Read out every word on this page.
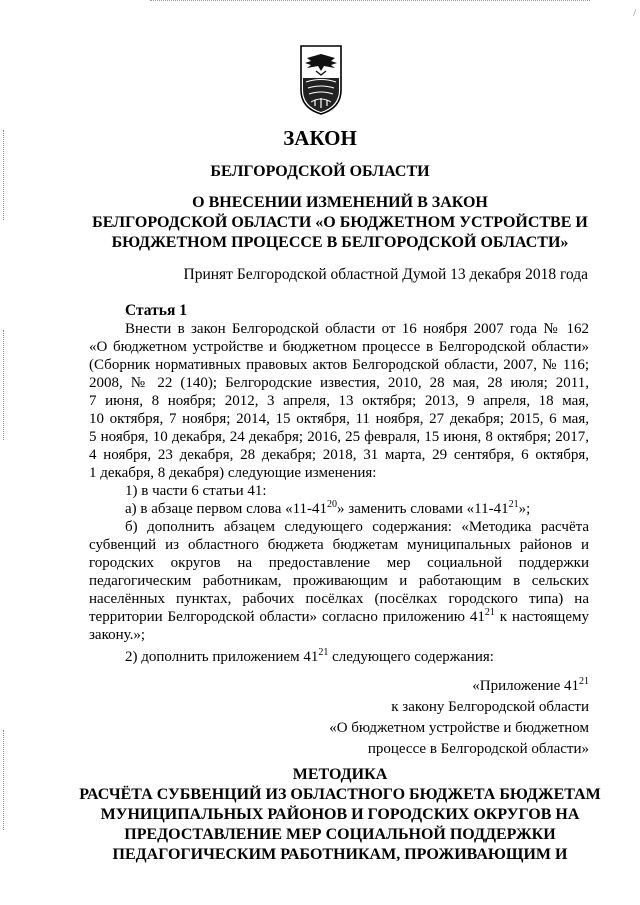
/
ЗАКОН
БЕЛГОРОДСКОЙ ОБЛАСТИ
О ВНЕСЕНИИ ИЗМЕНЕНИЙ В ЗАКОН
БЕЛГОРОДСКОЙ ОБЛАСТИ «О БЮДЖЕТНОМ УСТРОЙСТВЕ И
БЮДЖЕТНОМ ПРОЦЕССЕ В БЕЛГОРОДСКОЙ ОБЛАСТИ»
Принят Белгородской областной Думой 13 декабря 2018 года
Статья 1

Внести в закон Белгородской области от 16 ноября 2007 года № 162

«О бюджетном устройстве и бюджетном процессе в Белгородской области»

(Сборник нормативных правовых актов Белгородской области, 2007, № 116;

2008, № 22 (140); Белгородские известия, 2010, 28 мая, 28 июля; 2011,

7 июня, 8 ноября; 2012, 3 апреля, 13 октября; 2013, 9 апреля, 18 мая,

10 октября, 7 ноября; 2014, 15 октября, 11 ноября, 27 декабря; 2015, 6 мая,

5 ноября, 10 декабря, 24 декабря; 2016, 25 февраля, 15 июня, 8 октября; 2017,

4 ноября, 23 декабря, 28 декабря; 2018, 31 марта, 29 сентября, 6 октября,

1 декабря, 8 декабря) следующие изменения:

1) в части 6 статьи 41:

а) в абзаце первом слова «$11-41^{20}$» заменить словами «$11-41^{21}$»;

б) дополнить абзацем следующего содержания: «Методика расчёта

субвенций из областного бюджета бюджетам муниципальных районов и

городских округов на предоставление мер социальной поддержки

педагогическим работникам, проживающим и работающим в сельских

населённых пунктах, рабочих посёлках (посёлках городского типа) на

территории Белгородской области» согласно приложению $41^{21}$ к настоящему

закону.»;

2) дополнить приложением $41^{21}$ следующего содержания:

«Приложение $41^{21}$
к закону Белгородской области
«О бюджетном устройстве и бюджетном
процессе в Белгородской области»
МЕТОДИКА
РАСЧЁТА СУБВЕНЦИЙ ИЗ ОБЛАСТНОГО БЮДЖЕТА БЮДЖЕТАМ
МУНИЦИПАЛЬНЫХ РАЙОНОВ И ГОРОДСКИХ ОКРУГОВ НА
ПРЕДОСТАВЛЕНИЕ МЕР СОЦИАЛЬНОЙ ПОДДЕРЖКИ
ПЕДАГОГИЧЕСКИМ РАБОТНИКАМ, ПРОЖИВАЮЩИМ И
